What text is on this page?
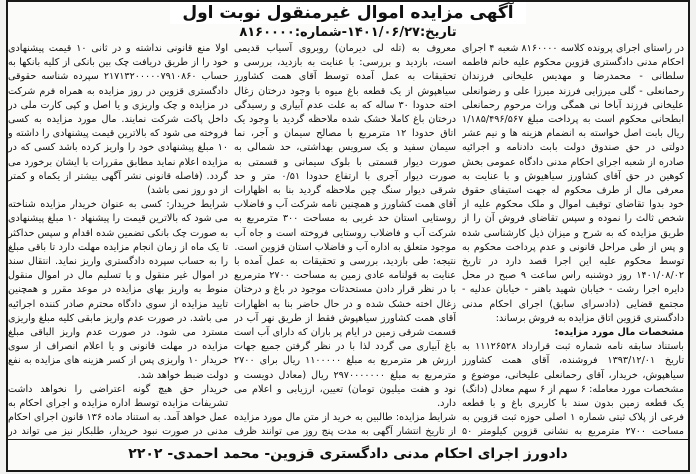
آگهی مزایده اموال غیرمنقول نوبت اول
تاریخ:۱۴۰۱/۰۶/۲۷-شماره:۸۱۶۰۰۰۰

در راستای اجرای پرونده کلاسه ۸۱۶۰۰۰۰ شعبه ۴ اجرای احکام مدنی دادگستری قزوین محکوم علیه خانم فاطمه سلطانی - محمدرضا و مهدیس علیخانی فرزندان رحمانعلی - گلی میرزایی فرزند میرزا علی و رضوانعلی علیخانی فرزند آباخا نی همگی وراث مرحوم رحمانعلی ابطحانی محکوم است به پرداخت مبلغ ۱/۱۸۵/۴۹۶/۵۶۷ ریال بابت اصل خواسته به انضمام هزینه ها و نیم عشر دولتی در حق صندوق دولت بابت دادنامه و اجرائیه صادره از شعبه اجرای احکام مدنی دادگاه عمومی بخش کوهین در حق آقای کشاورز سیاهیوش و با عنایت به معرفی مال از طرف محکوم له جهت استیفای حقوق خود بدوا تقاضای توقیف اموال و ملک محکوم علیه از شخص ثالث را نموده و سپس تقاضای فروش آن را از طریق مزایده که به شرح و میزان ذیل کارشناسی شده و پس از طی مراحل قانونی و عدم پرداخت محکوم به توسط محکوم علیه این اجرا قصد دارد در تاریخ ۱۴۰۱/۰۸/۰۲ روز دوشنبه راس ساعت ۹ صبح در محل دایره اجرا رشت - خیابان شهید باهنر - خیابان عدلیه - مجتمع قضایی (دادسرای سابق) اجرای احکام مدنی دادگستری قزوین اتاق مزایده به فروش برساند:

مشخصات مال مورد مزایده:

باستناد سابقه نامه شماره ثبت قرارداد ۱۱۱۲۶۵۲۸ به تاریخ ۱۳۹۳/۱۲/۰۱ فروشنده، آقای همت کشاورز سیاهپوش، خریدار، آقای رحمانعلی علیخانی، موضوع و مشخصات مورد معامله: ۶ سهم از ۶ سهم معادل (دانگ) یک قطعه زمین بدون سند با کاربری باغ و با قطعه فرعی از پلاک ثبتی شماره ۱ اصلی حوزه ثبت قزوین به مساحت ۲۷۰۰ مترمربع به نشانی قزوین کیلومتر ۵۰

معروف به (تله لی دیرمان) روبروی آسیاب قدیمی است، بازدید و بررسی: با عنایت به بازدید، بررسی و تحقیقات به عمل آمده توسط آقای همت کشاورز سیاهپوش از یک قطعه باغ میوه با وجود درختان زغال اخته حدودا ۳۰ ساله که به علت عدم آبیاری و رسیدگی درختان باغ کاملا خشک شده ملاحظه گردید با وجود یک اتاق حدودا ۱۲ مترمربع با مصالح سیمان و آجر، نما سیمان سفید و یک سرویس بهداشتی، حد شمالی به صورت دیوار قسمتی با بلوک سیمانی و قسمتی به صورت دیوار آجری با ارتفاع حدودا ۰/۵۱ متر و حد شرقی دیوار سنگ چین ملاحظه گردید بنا به اظهارات آقای همت کشاورز و همچنین نامه شرکت آب و فاضلاب روستایی استان حد غربی به مساحت ۳۰۰ مترمربع به شرکت آب و فاضلاب روستایی فروخته است و جاه آب موجود متعلق به اداره آب و فاضلاب استان قزوین است.

نتیجه: طی بازدید، بررسی و تحقیقات به عمل آمده با عنایت به قولنامه عادی زمین به مساحت ۲۷۰۰ مترمربع با در نظر قرار دادن مستحدثات موجود در باغ و درختان زغال اخته خشک شده و در حال حاضر بنا به اظهارات آقای همت کشاورز سیاهپوش فقط از طریق نهر آب در قسمت شرقی زمین در ایام پر باران که دارای آب است باغ آبیاری می گردد لذا با در نظر گرفتن جمیع جهات ارزش هر مترمربع به مبلغ ۱۱۰۰۰۰۰ ریال برای ۲۷۰۰ مترمربع به مبلغ ۲۹۷۰۰۰۰۰۰۰ ریال (معادل دویست و نود و هفت میلیون تومان) تعیین، ارزیابی و اعلام می دارد.

شرایط مزایده: طالبین به خرید از متن مال مورد مزایده از تاریخ انتشار آگهی به مدت پنج روز می توانند ظرف

اولا منع قانونی نداشته و در ثانی ۱۰ قیمت پیشنهادی خود را از طریق دریافت چک بین بانکی از کلیه بانکها به حساب ۲۱۷۱۳۲۰۰۰۰۰۷۹۱۰۸۶۰ سپرده شناسه حقوقی دادگستری قزوین در روز مزایده به همراه فرم شرکت در مزایده و چک واریزی و یا اصل و کپی کارت ملی در داخل پاکت شرکت نمایند. مال مورد مزایده به کسی فروخته می شود که بالاترین قیمت پیشنهادی را داشته و ۱۰ مبلغ پیشنهادی خود را واریز کرده باشد کسی که در مزایده اعلام نماید مطابق مقررات با ایشان برخورد می گردد. (فاصله قانونی نشر آگهی بیشتر از یکماه و کمتر از دو روز نمی باشد)

شرایط خریدار: کسی به عنوان خریدار مزایده شناخته می شود که بالاترین قیمت را پیشنهاد ۱۰ مبلغ پیشنهادی به صورت چک بانکی تضمین شده اقدام و سپس حداکثر تا یک ماه از زمان انجام مزایده مهلت دارد تا باقی مبلغ را به حساب سپرده دادگستری واریز نماید. انتقال سند در اموال غیر منقول و یا تسلیم مال در اموال منقول منوط به واریز بهای مزایده در موعد مقرر و همچنین تایید مزایده از سوی دادگاه محترم صادر کننده اجرائیه می باشد. در صورت عدم واریز مابقی کلیه مبلغ واریزی مسترد می شود. در صورت عدم واریز الباقی مبلغ مزایده در مهلت قانونی و یا اعلام انصراف از سوی خریدار ۱۰ واریزی پس از کسر هزینه های مزایده به نفع دولت ضبط خواهد شد.

خریدار حق هیچ گونه اعتراضی را نخواهد داشت تشریفات مزایده توسط اداره مزایده و اجرای احکام به عمل خواهد آمد. به استناد ماده ۱۳۶ قانون اجرای احکام مدنی در صورت نبود خریدار، طلبکار نیز می تواند در

دادورز اجرای احکام مدنی دادگستری قزوین- محمد احمدی- ۲۲۰۲
